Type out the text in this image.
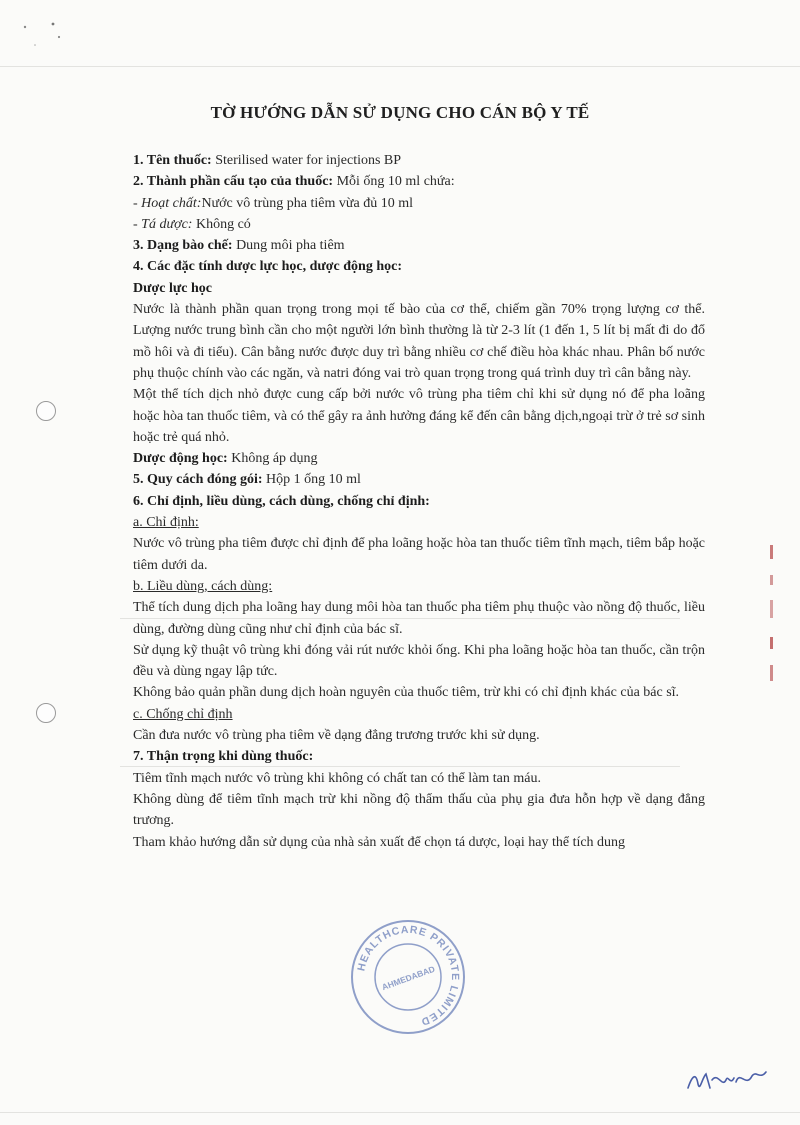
TỜ HƯỚNG DẪN SỬ DỤNG CHO CÁN BỘ Y TẾ

1. Tên thuốc: Sterilised water for injections BP

2. Thành phần cấu tạo của thuốc: Mỗi ống 10 ml chứa:

- Hoạt chất:Nước vô trùng pha tiêm vừa đủ 10 ml

- Tá dược: Không có

3. Dạng bào chế: Dung môi pha tiêm

4. Các đặc tính dược lực học, dược động học:

Dược lực học

Nước là thành phần quan trọng trong mọi tế bào của cơ thể, chiếm gần 70% trọng lượng cơ thể. Lượng nước trung bình cần cho một người lớn bình thường là từ 2-3 lít (1 đến 1, 5 lít bị mất đi do đổ mồ hôi và đi tiểu). Cân bằng nước được duy trì bằng nhiều cơ chế điều hòa khác nhau. Phân bố nước phụ thuộc chính vào các ngăn, và natri đóng vai trò quan trọng trong quá trình duy trì cân bằng này.

Một thể tích dịch nhỏ được cung cấp bởi nước vô trùng pha tiêm chỉ khi sử dụng nó để pha loãng hoặc hòa tan thuốc tiêm, và có thể gây ra ảnh hưởng đáng kể đến cân bằng dịch,ngoại trừ ở trẻ sơ sinh hoặc trẻ quá nhỏ.

Dược động học: Không áp dụng

5. Quy cách đóng gói: Hộp 1 ống 10 ml

6. Chỉ định, liều dùng, cách dùng, chống chỉ định:

a. Chỉ định:

Nước vô trùng pha tiêm được chỉ định để pha loãng hoặc hòa tan thuốc tiêm tĩnh mạch, tiêm bắp hoặc tiêm dưới da.

b. Liều dùng, cách dùng:

Thể tích dung dịch pha loãng hay dung môi hòa tan thuốc pha tiêm phụ thuộc vào nồng độ thuốc, liều dùng, đường dùng cũng như chỉ định của bác sĩ.

Sử dụng kỹ thuật vô trùng khi đóng vải rút nước khỏi ống. Khi pha loãng hoặc hòa tan thuốc, cần trộn đều và dùng ngay lập tức.

Không bảo quản phần dung dịch hoàn nguyên của thuốc tiêm, trừ khi có chỉ định khác của bác sĩ.

c. Chống chỉ định

Cần đưa nước vô trùng pha tiêm về dạng đẳng trương trước khi sử dụng.

7. Thận trọng khi dùng thuốc:

Tiêm tĩnh mạch nước vô trùng khi không có chất tan có thể làm tan máu.

Không dùng để tiêm tĩnh mạch trừ khi nồng độ thẩm thấu của phụ gia đưa hỗn hợp về dạng đẳng trương.

Tham khảo hướng dẫn sử dụng của nhà sản xuất để chọn tá dược, loại hay thể tích dung

HEALTHCARE PRIVATE LIMITED
AHMEDABAD
